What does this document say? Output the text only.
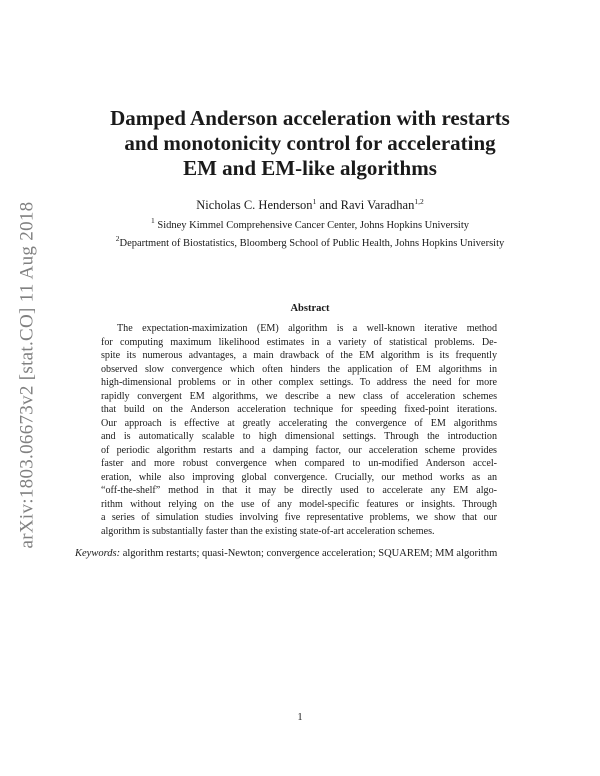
arXiv:1803.06673v2 [stat.CO] 11 Aug 2018
Damped Anderson acceleration with restarts
and monotonicity control for accelerating
EM and EM-like algorithms
Nicholas C. Henderson$^1$ and Ravi Varadhan$^{1,2}$
$^1$ Sidney Kimmel Comprehensive Cancer Center, Johns Hopkins University
$^2$Department of Biostatistics, Bloomberg School of Public Health, Johns Hopkins University
Abstract
The expectation-maximization (EM) algorithm is a well-known iterative method
for computing maximum likelihood estimates in a variety of statistical problems. De-
spite its numerous advantages, a main drawback of the EM algorithm is its frequently
observed slow convergence which often hinders the application of EM algorithms in
high-dimensional problems or in other complex settings. To address the need for more
rapidly convergent EM algorithms, we describe a new class of acceleration schemes
that build on the Anderson acceleration technique for speeding fixed-point iterations.
Our approach is effective at greatly accelerating the convergence of EM algorithms
and is automatically scalable to high dimensional settings. Through the introduction
of periodic algorithm restarts and a damping factor, our acceleration scheme provides
faster and more robust convergence when compared to un-modified Anderson accel-
eration, while also improving global convergence. Crucially, our method works as an
“off-the-shelf” method in that it may be directly used to accelerate any EM algo-
rithm without relying on the use of any model-specific features or insights. Through
a series of simulation studies involving five representative problems, we show that our
algorithm is substantially faster than the existing state-of-art acceleration schemes.
Keywords: algorithm restarts; quasi-Newton; convergence acceleration; SQUAREM; MM algorithm
1
